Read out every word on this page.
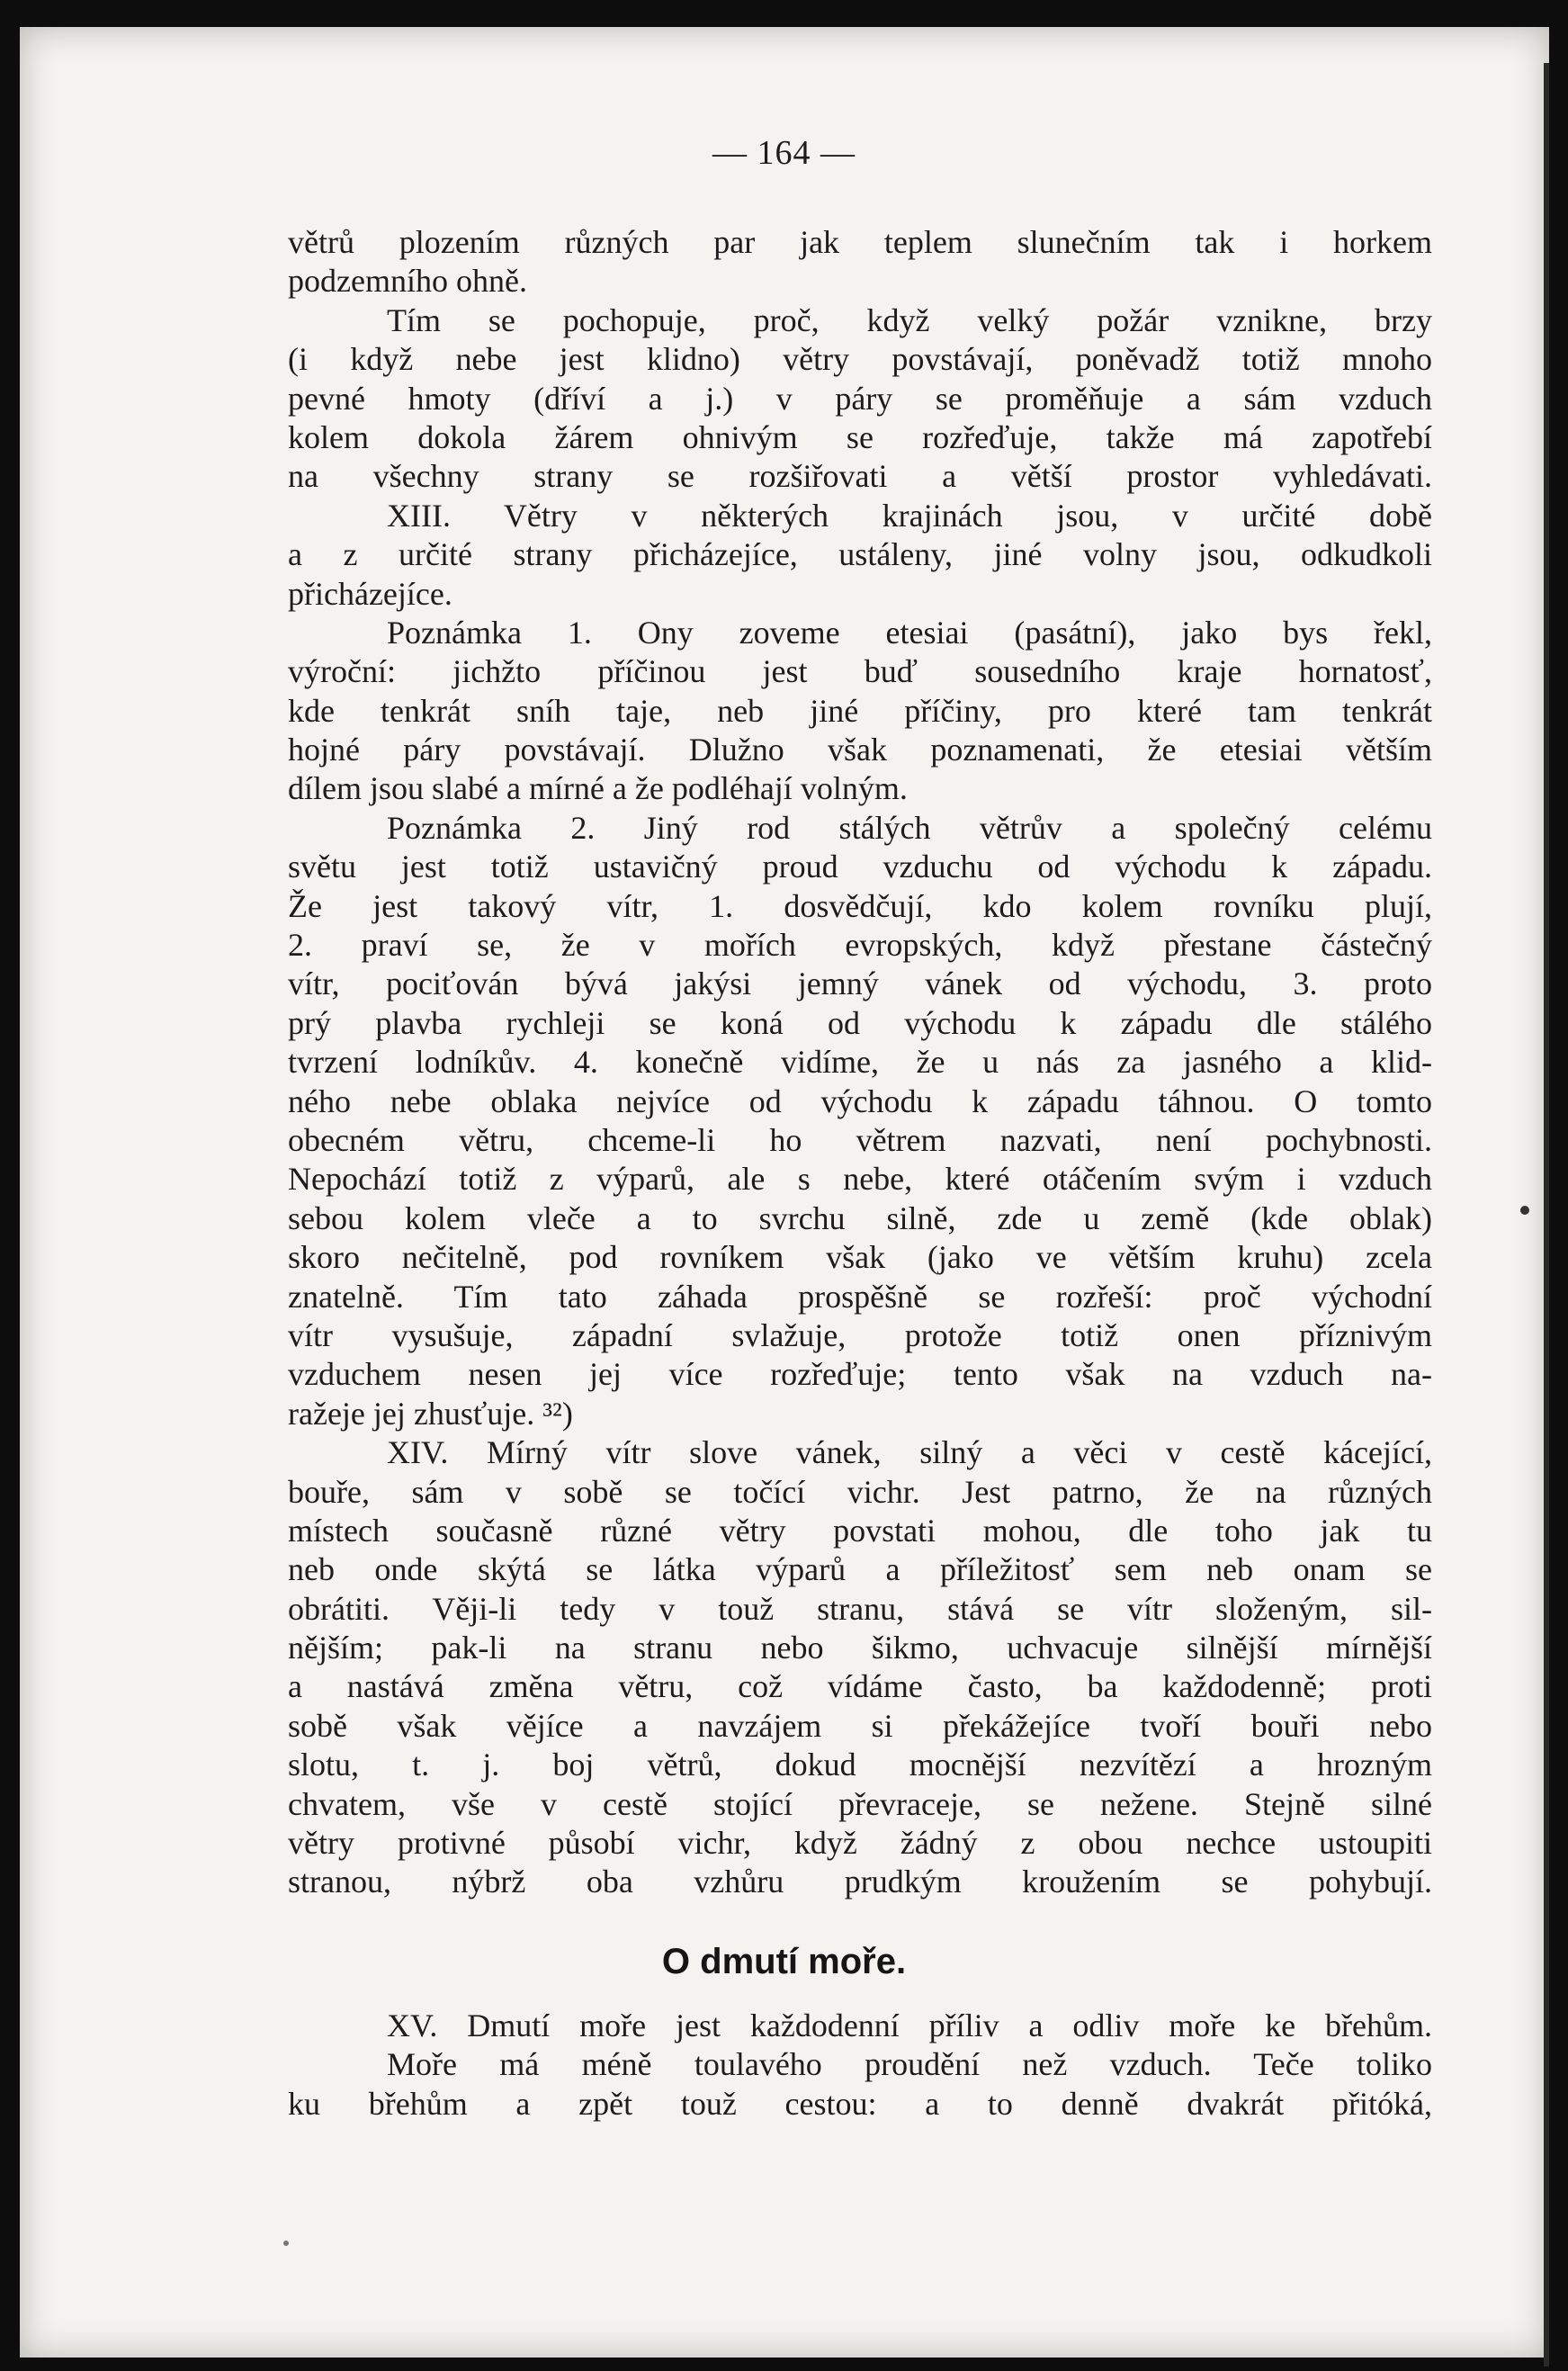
— 164 —
větrů plozením různých par jak teplem slunečním tak i horkem
podzemního ohně.
Tím se pochopuje, proč, když velký požár vznikne, brzy
(i když nebe jest klidno) větry povstávají, poněvadž totiž mnoho
pevné hmoty (dříví a j.) v páry se proměňuje a sám vzduch
kolem dokola žárem ohnivým se rozřeďuje, takže má zapotřebí
na všechny strany se rozšiřovati a větší prostor vyhledávati.
XIII. Větry v některých krajinách jsou, v určité době
a z určité strany přicházejíce, ustáleny, jiné volny jsou, odkudkoli
přicházejíce.
Poznámka 1. Ony zoveme etesiai (pasátní), jako bys řekl,
výroční: jichžto příčinou jest buď sousedního kraje hornatosť,
kde tenkrát sníh taje, neb jiné příčiny, pro které tam tenkrát
hojné páry povstávají. Dlužno však poznamenati, že etesiai větším
dílem jsou slabé a mírné a že podléhají volným.
Poznámka 2. Jiný rod stálých větrův a společný celému
světu jest totiž ustavičný proud vzduchu od východu k západu.
Že jest takový vítr, 1. dosvědčují, kdo kolem rovníku plují,
2. praví se, že v mořích evropských, když přestane částečný
vítr, pociťován bývá jakýsi jemný vánek od východu, 3. proto
prý plavba rychleji se koná od východu k západu dle stálého
tvrzení lodníkův. 4. konečně vidíme, že u nás za jasného a klid-
ného nebe oblaka nejvíce od východu k západu táhnou. O tomto
obecném větru, chceme-li ho větrem nazvati, není pochybnosti.
Nepochází totiž z výparů, ale s nebe, které otáčením svým i vzduch
sebou kolem vleče a to svrchu silně, zde u země (kde oblak)
skoro nečitelně, pod rovníkem však (jako ve větším kruhu) zcela
znatelně. Tím tato záhada prospěšně se rozřeší: proč východní
vítr vysušuje, západní svlažuje, protože totiž onen příznivým
vzduchem nesen jej více rozřeďuje; tento však na vzduch na-
ražeje jej zhusťuje. ³²)
XIV. Mírný vítr slove vánek, silný a věci v cestě kácející,
bouře, sám v sobě se točící vichr. Jest patrno, že na různých
místech současně různé větry povstati mohou, dle toho jak tu
neb onde skýtá se látka výparů a příležitosť sem neb onam se
obrátiti. Věji-li tedy v touž stranu, stává se vítr složeným, sil-
nějším; pak-li na stranu nebo šikmo, uchvacuje silnější mírnější
a nastává změna větru, což vídáme často, ba každodenně; proti
sobě však vějíce a navzájem si překážejíce tvoří bouři nebo
slotu, t. j. boj větrů, dokud mocnější nezvítězí a hrozným
chvatem, vše v cestě stojící převraceje, se nežene. Stejně silné
větry protivné působí vichr, když žádný z obou nechce ustoupiti
stranou, nýbrž oba vzhůru prudkým kroužením se pohybují.
O dmutí moře.
XV. Dmutí moře jest každodenní příliv a odliv moře ke břehům.
Moře má méně toulavého proudění než vzduch. Teče toliko
ku břehům a zpět touž cestou: a to denně dvakrát přitóká,
